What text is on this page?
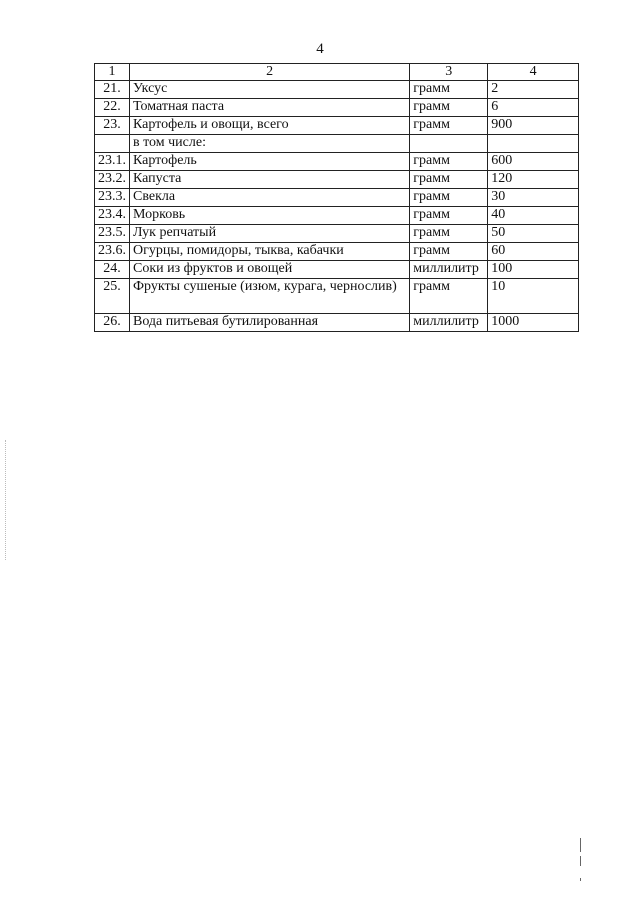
4
1	2	3	4
21.	Уксус	грамм	2
22.	Томатная паста	грамм	6
23.	Картофель и овощи, всего	грамм	900
	в том числе:		
23.1.	Картофель	грамм	600
23.2.	Капуста	грамм	120
23.3.	Свекла	грамм	30
23.4.	Морковь	грамм	40
23.5.	Лук репчатый	грамм	50
23.6.	Огурцы, помидоры, тыква, кабачки	грамм	60
24.	Соки из фруктов и овощей	миллилитр	100
25.	Фрукты сушеные (изюм, курага, чернослив)	грамм	10
26.	Вода питьевая бутилированная	миллилитр	1000
